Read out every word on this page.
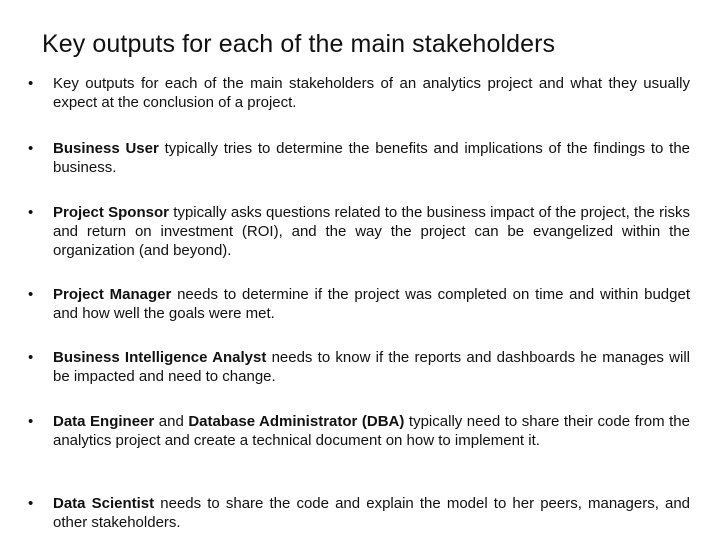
Key outputs for each of the main stakeholders
• Key outputs for each of the main stakeholders of an analytics project and what they usually expect at the conclusion of a project.
• Business User typically tries to determine the benefits and implications of the findings to the business.
• Project Sponsor typically asks questions related to the business impact of the project, the risks and return on investment (ROI), and the way the project can be evangelized within the organization (and beyond).
• Project Manager needs to determine if the project was completed on time and within budget and how well the goals were met.
• Business Intelligence Analyst needs to know if the reports and dashboards he manages will be impacted and need to change.
• Data Engineer and Database Administrator (DBA) typically need to share their code from the analytics project and create a technical document on how to implement it.
• Data Scientist needs to share the code and explain the model to her peers, managers, and other stakeholders.
